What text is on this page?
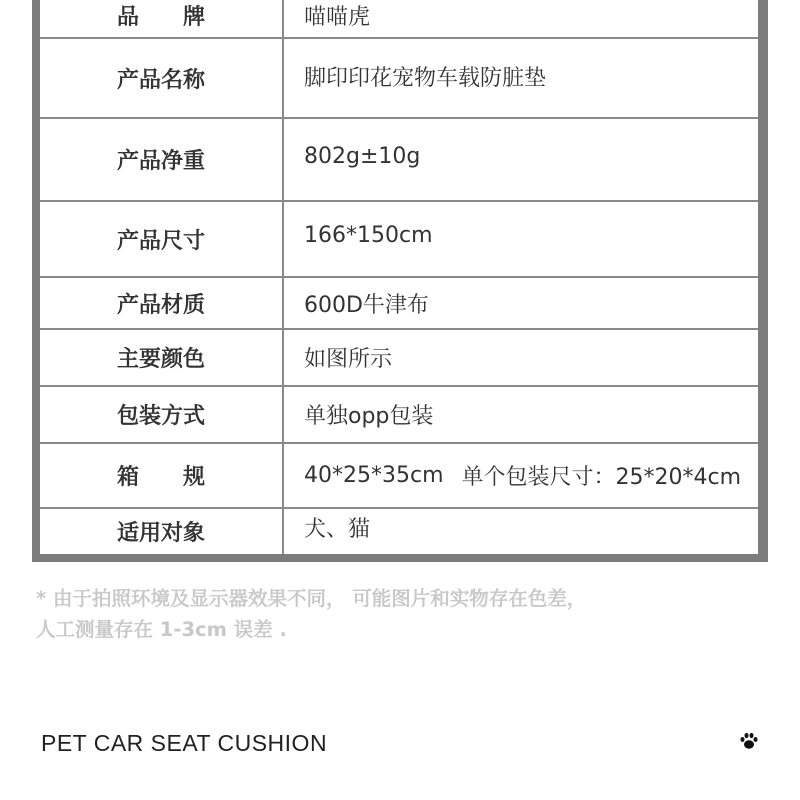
品　　牌	喵喵虎
产品名称	脚印印花宠物车载防脏垫
产品净重	802g±10g
产品尺寸	166*150cm
产品材质	600D牛津布
主要颜色	如图所示
包装方式	单独opp包装
箱　　规	40*25*35cm 单个包装尺寸：25*20*4cm
适用对象	犬、猫
* 由于拍照环境及显示器效果不同， 可能图片和实物存在色差，
人工测量存在 1-3cm 误差 .
PET CAR SEAT CUSHION
